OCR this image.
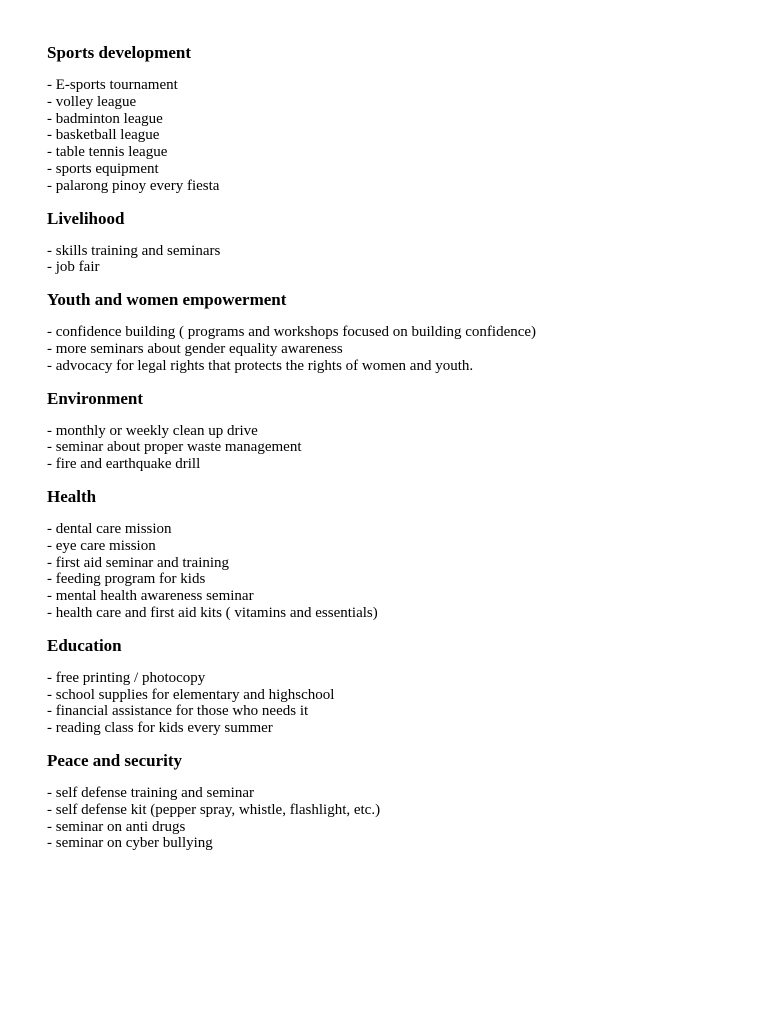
Sports development
- E-sports tournament
- volley league
- badminton league
- basketball league
- table tennis league
- sports equipment
- palarong pinoy every fiesta
Livelihood
- skills training and seminars
- job fair
Youth and women empowerment
- confidence building ( programs and workshops focused on building confidence)
- more seminars about gender equality awareness
- advocacy for legal rights that protects the rights of women and youth.
Environment
- monthly or weekly clean up drive
- seminar about proper waste management
- fire and earthquake drill
Health
- dental care mission
- eye care mission
- first aid seminar and training
- feeding program for kids
- mental health awareness seminar
- health care and first aid kits ( vitamins and essentials)
Education
- free printing / photocopy
- school supplies for elementary and highschool
- financial assistance for those who needs it
- reading class for kids every summer
Peace and security
- self defense training and seminar
- self defense kit (pepper spray, whistle, flashlight, etc.)
- seminar on anti drugs
- seminar on cyber bullying
